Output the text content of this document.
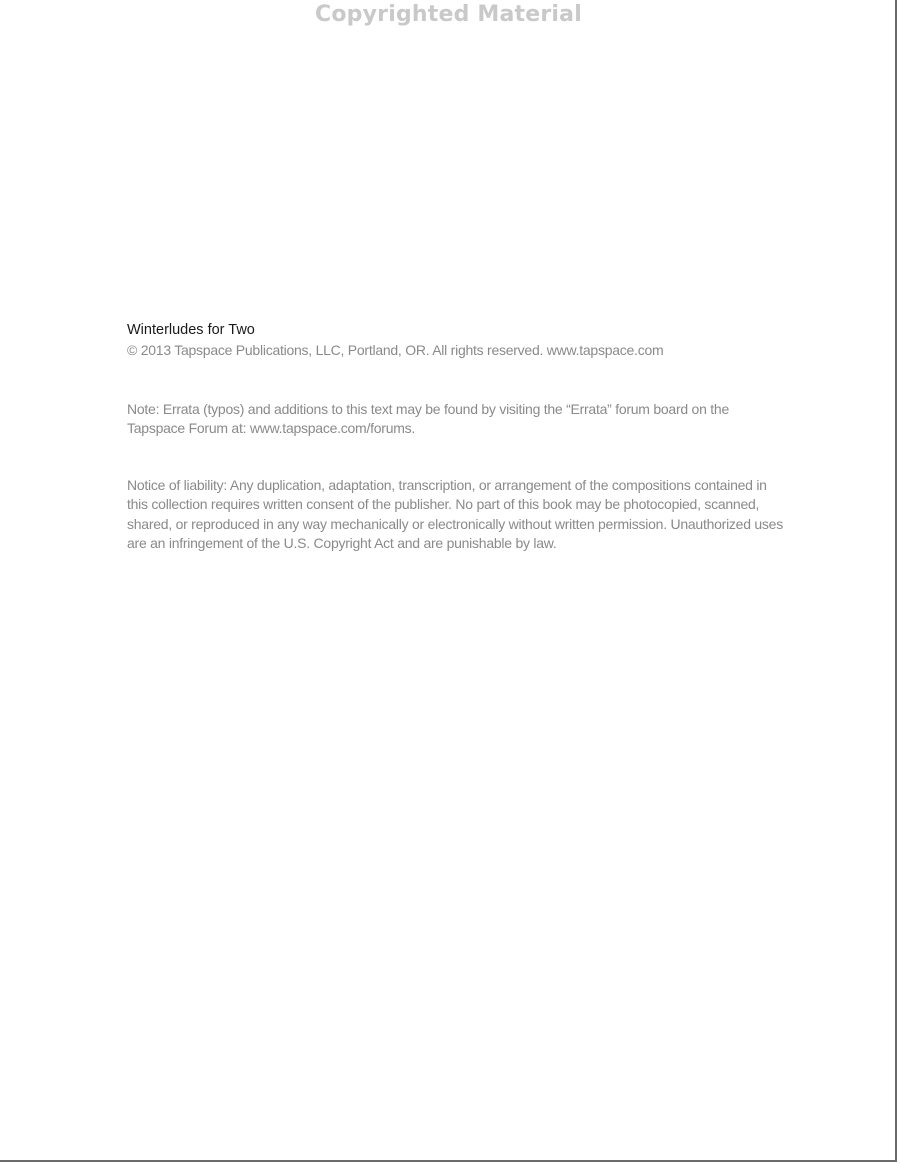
Copyrighted Material

Winterludes for Two

© 2013 Tapspace Publications, LLC, Portland, OR. All rights reserved. www.tapspace.com

Note: Errata (typos) and additions to this text may be found by visiting the “Errata” forum board on the Tapspace Forum at: www.tapspace.com/forums.

Notice of liability: Any duplication, adaptation, transcription, or arrangement of the compositions contained in this collection requires written consent of the publisher. No part of this book may be photocopied, scanned, shared, or reproduced in any way mechanically or electronically without written permission. Unauthorized uses are an infringement of the U.S. Copyright Act and are punishable by law.
